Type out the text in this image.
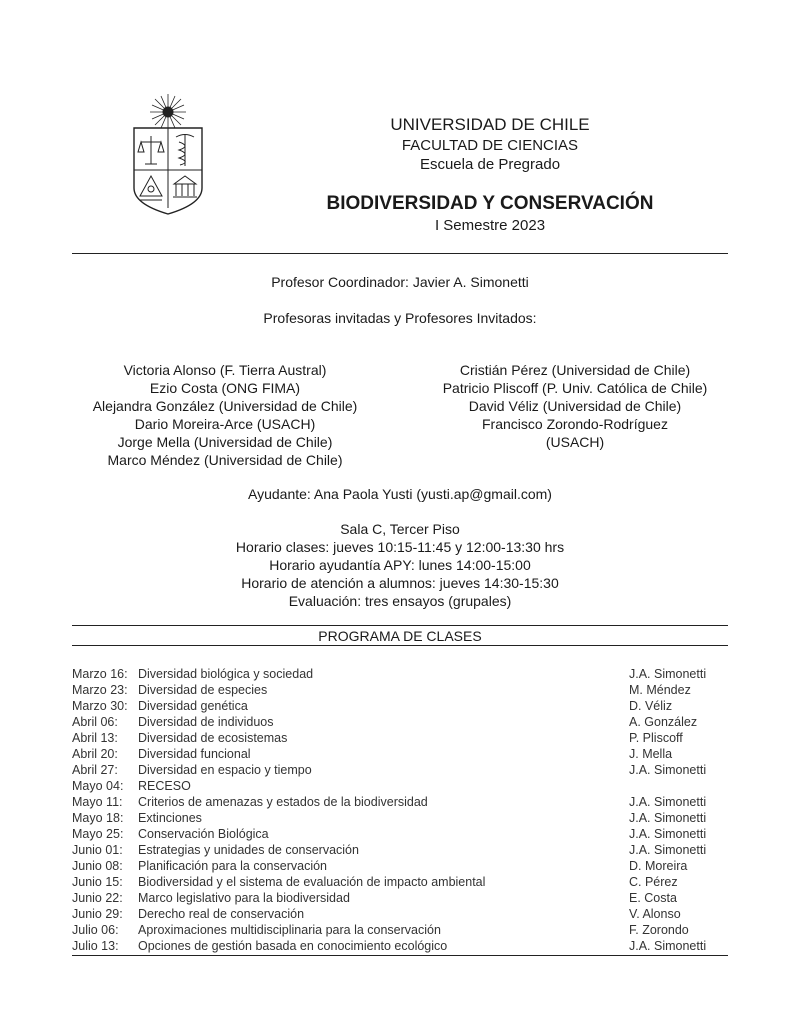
UNIVERSIDAD DE CHILE
FACULTAD DE CIENCIAS
Escuela de Pregrado
BIODIVERSIDAD Y CONSERVACIÓN
I Semestre 2023
Profesor Coordinador: Javier A. Simonetti
Profesoras invitadas y Profesores Invitados:
Victoria Alonso (F. Tierra Austral)
Ezio Costa (ONG FIMA)
Alejandra González (Universidad de Chile)
Dario Moreira-Arce (USACH)
Jorge Mella (Universidad de Chile)
Marco Méndez (Universidad de Chile)
Cristián Pérez (Universidad de Chile)
Patricio Pliscoff (P. Univ. Católica de Chile)
David Véliz (Universidad de Chile)
Francisco Zorondo-Rodríguez
(USACH)
Ayudante: Ana Paola Yusti (yusti.ap@gmail.com)
Sala C, Tercer Piso
Horario clases: jueves 10:15-11:45 y 12:00-13:30 hrs
Horario ayudantía APY: lunes 14:00-15:00
Horario de atención a alumnos: jueves 14:30-15:30
Evaluación: tres ensayos (grupales)
PROGRAMA DE CLASES
Marzo 16: Diversidad biológica y sociedad	J.A. Simonetti
Marzo 23: Diversidad de especies	M. Méndez
Marzo 30: Diversidad genética	D. Véliz
Abril 06: Diversidad de individuos	A. González
Abril 13: Diversidad de ecosistemas	P. Pliscoff
Abril 20: Diversidad funcional	J. Mella
Abril 27: Diversidad en espacio y tiempo	J.A. Simonetti
Mayo 04: RECESO
Mayo 11: Criterios de amenazas y estados de la biodiversidad	J.A. Simonetti
Mayo 18: Extinciones	J.A. Simonetti
Mayo 25: Conservación Biológica	J.A. Simonetti
Junio 01: Estrategias y unidades de conservación	J.A. Simonetti
Junio 08: Planificación para la conservación	D. Moreira
Junio 15: Biodiversidad y el sistema de evaluación de impacto ambiental	C. Pérez
Junio 22: Marco legislativo para la biodiversidad	E. Costa
Junio 29: Derecho real de conservación	V. Alonso
Julio 06: Aproximaciones multidisciplinaria para la conservación	F. Zorondo
Julio 13: Opciones de gestión basada en conocimiento ecológico	J.A. Simonetti
